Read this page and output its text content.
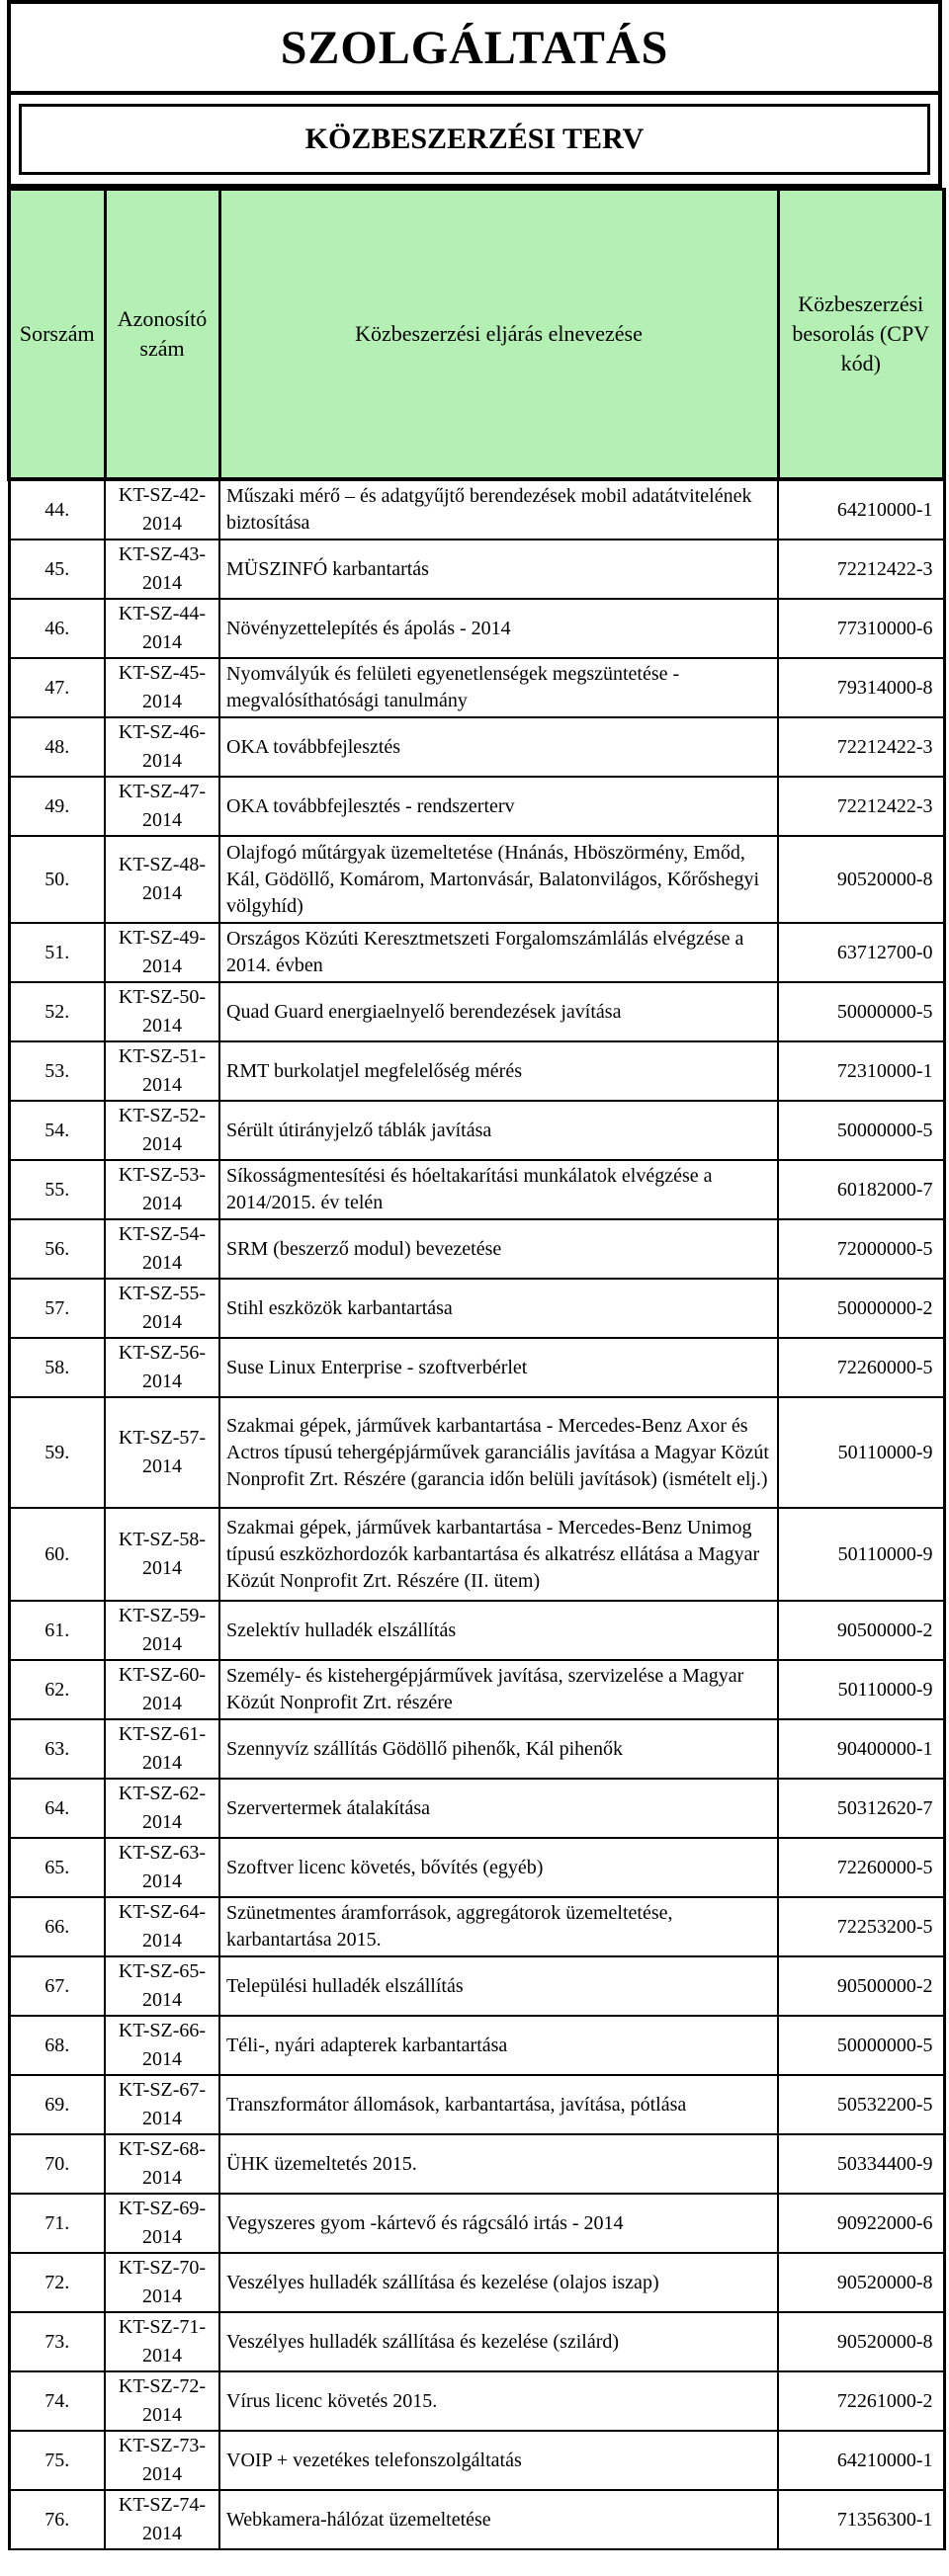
SZOLGÁLTATÁS
KÖZBESZERZÉSI TERV
Sorszám	Azonosító szám	Közbeszerzési eljárás elnevezése	Közbeszerzési besorolás (CPV kód)
44.	KT-SZ-42-2014	Műszaki mérő – és adatgyűjtő berendezések mobil adatátvitelének biztosítása	64210000-1
45.	KT-SZ-43-2014	MÜSZINFÓ karbantartás	72212422-3
46.	KT-SZ-44-2014	Növényzettelepítés és ápolás - 2014	77310000-6
47.	KT-SZ-45-2014	Nyomvályúk és felületi egyenetlenségek megszüntetése - megvalósíthatósági tanulmány	79314000-8
48.	KT-SZ-46-2014	OKA továbbfejlesztés	72212422-3
49.	KT-SZ-47-2014	OKA továbbfejlesztés - rendszerterv	72212422-3
50.	KT-SZ-48-2014	Olajfogó műtárgyak üzemeltetése (Hnánás, Hböszörmény, Emőd, Kál, Gödöllő, Komárom, Martonvásár, Balatonvilágos, Kőrőshegyi völgyhíd)	90520000-8
51.	KT-SZ-49-2014	Országos Közúti Keresztmetszeti Forgalomszámlálás elvégzése a 2014. évben	63712700-0
52.	KT-SZ-50-2014	Quad Guard energiaelnyelő berendezések javítása	50000000-5
53.	KT-SZ-51-2014	RMT burkolatjel megfelelőség mérés	72310000-1
54.	KT-SZ-52-2014	Sérült útirányjelző táblák javítása	50000000-5
55.	KT-SZ-53-2014	Síkosságmentesítési és hóeltakarítási munkálatok elvégzése a 2014/2015. év telén	60182000-7
56.	KT-SZ-54-2014	SRM (beszerző modul) bevezetése	72000000-5
57.	KT-SZ-55-2014	Stihl eszközök karbantartása	50000000-2
58.	KT-SZ-56-2014	Suse Linux Enterprise - szoftverbérlet	72260000-5
59.	KT-SZ-57-2014	Szakmai gépek, járművek karbantartása - Mercedes-Benz Axor és Actros típusú tehergépjárművek garanciális javítása a Magyar Közút Nonprofit Zrt. Részére (garancia időn belüli javítások) (ismételt elj.)	50110000-9
60.	KT-SZ-58-2014	Szakmai gépek, járművek karbantartása - Mercedes-Benz Unimog típusú eszközhordozók karbantartása és alkatrész ellátása a Magyar Közút Nonprofit Zrt. Részére (II. ütem)	50110000-9
61.	KT-SZ-59-2014	Szelektív hulladék elszállítás	90500000-2
62.	KT-SZ-60-2014	Személy- és kistehergépjárművek javítása, szervizelése a Magyar Közút Nonprofit Zrt. részére	50110000-9
63.	KT-SZ-61-2014	Szennyvíz szállítás Gödöllő pihenők, Kál pihenők	90400000-1
64.	KT-SZ-62-2014	Szervertermek átalakítása	50312620-7
65.	KT-SZ-63-2014	Szoftver licenc követés, bővítés (egyéb)	72260000-5
66.	KT-SZ-64-2014	Szünetmentes áramforrások, aggregátorok üzemeltetése, karbantartása 2015.	72253200-5
67.	KT-SZ-65-2014	Települési hulladék elszállítás	90500000-2
68.	KT-SZ-66-2014	Téli-, nyári adapterek karbantartása	50000000-5
69.	KT-SZ-67-2014	Transzformátor állomások, karbantartása, javítása, pótlása	50532200-5
70.	KT-SZ-68-2014	ÜHK üzemeltetés 2015.	50334400-9
71.	KT-SZ-69-2014	Vegyszeres gyom -kártevő és rágcsáló irtás - 2014	90922000-6
72.	KT-SZ-70-2014	Veszélyes hulladék szállítása és kezelése (olajos iszap)	90520000-8
73.	KT-SZ-71-2014	Veszélyes hulladék szállítása és kezelése (szilárd)	90520000-8
74.	KT-SZ-72-2014	Vírus licenc követés 2015.	72261000-2
75.	KT-SZ-73-2014	VOIP + vezetékes telefonszolgáltatás	64210000-1
76.	KT-SZ-74-2014	Webkamera-hálózat üzemeltetése	71356300-1
